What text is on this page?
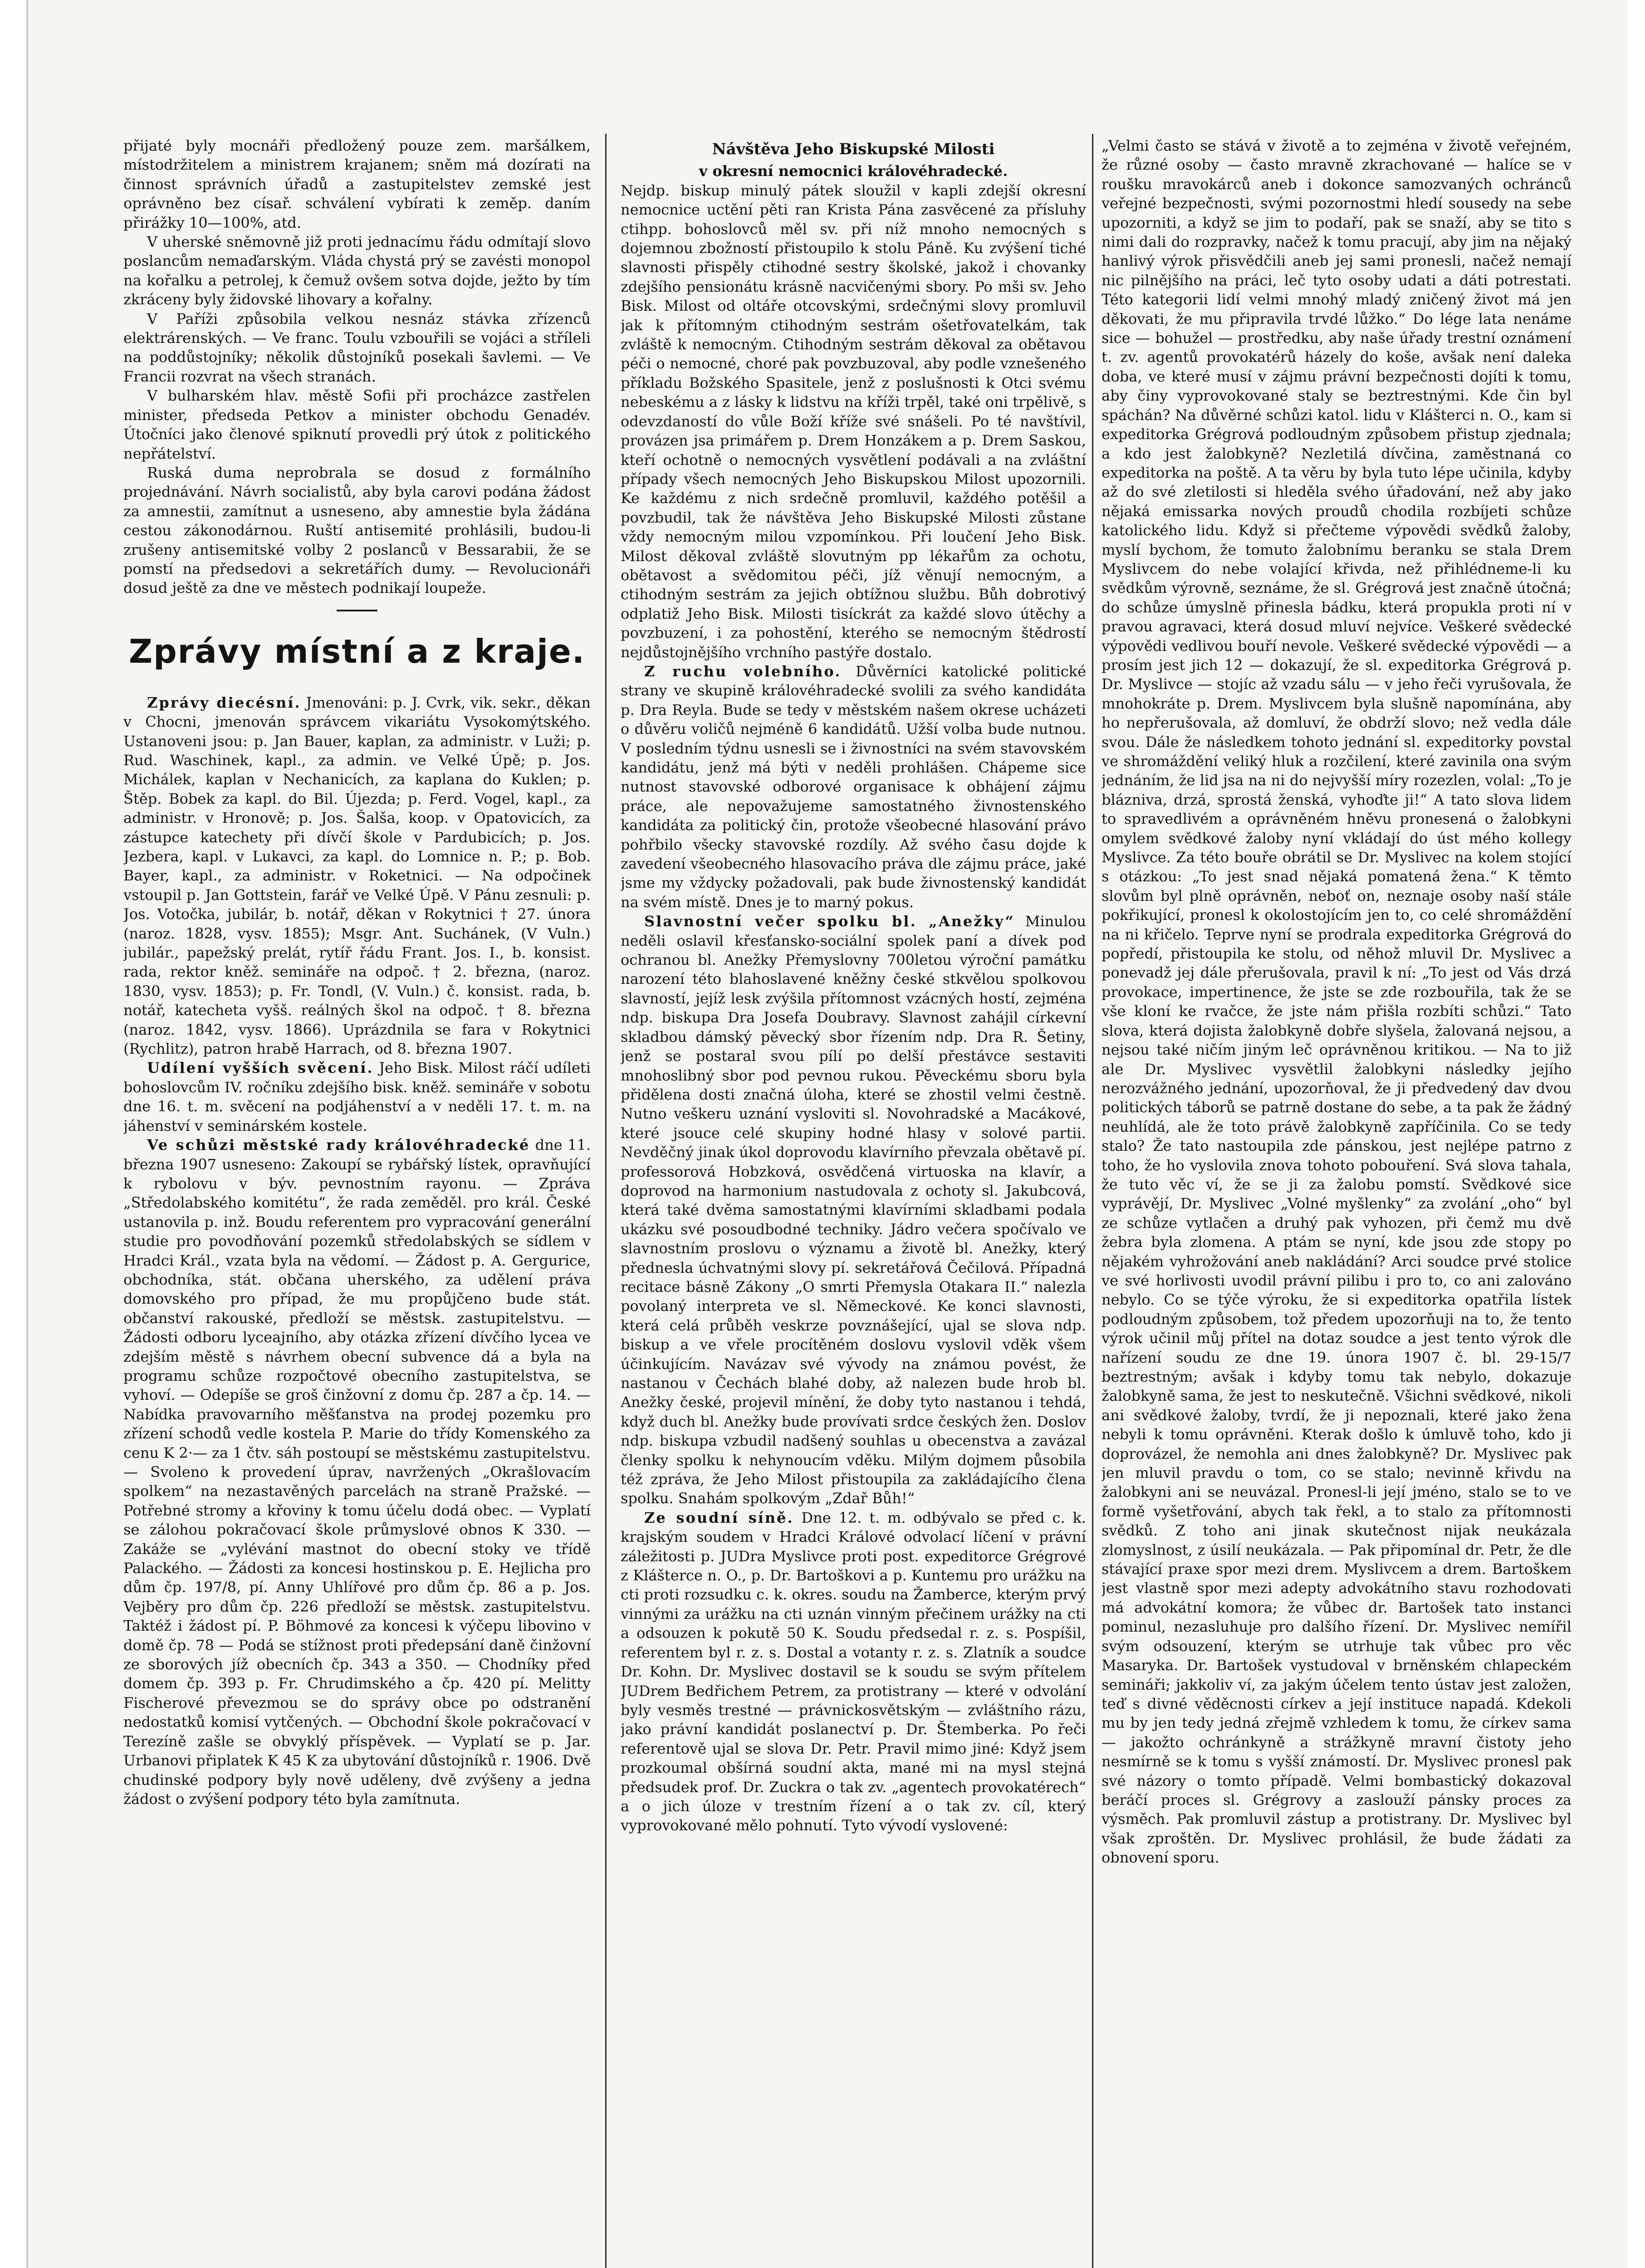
přijaté byly mocnáři předložený pouze zem. maršálkem, místodržitelem a ministrem krajanem; sněm má dozírati na činnost správních úřadů a zastupitelstev zemské jest oprávněno bez císař. schválení vybírati k zeměp. daním přirážky 10—100%, atd.

V uherské sněmovně již proti jednacímu řádu odmítají slovo poslancům nemaďarským. Vláda chystá prý se zavésti monopol na kořalku a petrolej, k čemuž ovšem sotva dojde, ježto by tím zkráceny byly židovské lihovary a kořalny.

V Paříži způsobila velkou nesnáz stávka zřízenců elektrárenských. — Ve franc. Toulu vzbouřili se vojáci a stříleli na poddůstojníky; několik důstojníků posekali šavlemi. — Ve Francii rozvrat na všech stranách.

V bulharském hlav. městě Sofii při procházce zastřelen minister, předseda Petkov a minister obchodu Genadév. Útočníci jako členové spiknutí provedli prý útok z politického nepřátelství.

Ruská duma neprobrala se dosud z formálního projednávání. Návrh socialistů, aby byla carovi podána žádost za amnestii, zamítnut a usneseno, aby amnestie byla žádána cestou zákonodárnou. Ruští antisemité prohlásili, budou-li zrušeny antisemitské volby 2 poslanců v Bessarabii, že se pomstí na předsedovi a sekretářích dumy. — Revolucionáři dosud ještě za dne ve městech podnikají loupeže.

Zprávy místní a z kraje.

Zprávy diecésní. Jmenováni: p. J. Cvrk, vik. sekr., děkan v Chocni, jmenován správcem vikariátu Vysokomýtského. Ustanoveni jsou: p. Jan Bauer, kaplan, za administr. v Luži; p. Rud. Waschinek, kapl., za admin. ve Velké Úpě; p. Jos. Michálek, kaplan v Nechanicích, za kaplana do Kuklen; p. Štěp. Bobek za kapl. do Bil. Újezda; p. Ferd. Vogel, kapl., za administr. v Hronově; p. Jos. Šalša, koop. v Opatovicích, za zástupce katechety při dívčí škole v Pardubicích; p. Jos. Jezbera, kapl. v Lukavci, za kapl. do Lomnice n. P.; p. Bob. Bayer, kapl., za administr. v Roketnici. — Na odpočinek vstoupil p. Jan Gottstein, farář ve Velké Úpě. V Pánu zesnuli: p. Jos. Votočka, jubilár, b. notář, děkan v Rokytnici † 27. února (naroz. 1828, vysv. 1855); Msgr. Ant. Suchánek, (V Vuln.) jubilár., papežský prelát, rytíř řádu Frant. Jos. I., b. konsist. rada, rektor kněž. semináře na odpoč. † 2. března, (naroz. 1830, vysv. 1853); p. Fr. Tondl, (V. Vuln.) č. konsist. rada, b. notář, katecheta vyšš. reálných škol na odpoč. † 8. března (naroz. 1842, vysv. 1866). Uprázdnila se fara v Rokytnici (Rychlitz), patron hrabě Harrach, od 8. března 1907.

Udílení vyšších svěcení. Jeho Bisk. Milost ráčí udíleti bohoslovcům IV. ročníku zdejšího bisk. kněž. semináře v sobotu dne 16. t. m. svěcení na podjáhenství a v neděli 17. t. m. na jáhenství v seminárském kostele.

Ve schůzi městské rady královéhradecké dne 11. března 1907 usneseno: Zakoupí se rybářský lístek, opravňující k rybolovu v býv. pevnostním rayonu. — Zpráva „Středolabského komitétu“, že rada zeměděl. pro král. České ustanovila p. inž. Boudu referentem pro vypracování generální studie pro povodňování pozemků středolabských se sídlem v Hradci Král., vzata byla na vědomí. — Žádost p. A. Gergurice, obchodníka, stát. občana uherského, za udělení práva domovského pro případ, že mu propůjčeno bude stát. občanství rakouské, předloží se městsk. zastupitelstvu. — Žádosti odboru lyceajního, aby otázka zřízení dívčího lycea ve zdejším městě s návrhem obecní subvence dá a byla na programu schůze rozpočtové obecního zastupitelstva, se vyhoví. — Odepíše se groš činžovní z domu čp. 287 a čp. 14. — Nabídka pravovarního měšťanstva na prodej pozemku pro zřízení schodů vedle kostela P. Marie do třídy Komenského za cenu K 2·— za 1 čtv. sáh postoupí se městskému zastupitelstvu. — Svoleno k provedení úprav, navržených „Okrašlovacím spolkem“ na nezastavěných parcelách na straně Pražské. — Potřebné stromy a křoviny k tomu účelu dodá obec. — Vyplatí se zálohou pokračovací škole průmyslové obnos K 330. — Zakáže se „vylévání mastnot do obecní stoky ve třídě Palackého. — Žádosti za koncesi hostinskou p. E. Hejlicha pro dům čp. 197/8, pí. Anny Uhlířové pro dům čp. 86 a p. Jos. Vejběry pro dům čp. 226 předloží se městsk. zastupitelstvu. Taktéž i žádost pí. P. Böhmové za koncesi k výčepu libovino v domě čp. 78 — Podá se stížnost proti předepsání daně činžovní ze sborových jíž obecních čp. 343 a 350. — Chodníky před domem čp. 393 p. Fr. Chrudimského a čp. 420 pí. Melitty Fischerové převezmou se do správy obce po odstranění nedostatků komisí vytčených. — Obchodní škole pokračovací v Terezíně zašle se obvyklý příspěvek. — Vyplatí se p. Jar. Urbanovi připlatek K 45 K za ubytování důstojníků r. 1906. Dvě chudinské podpory byly nově uděleny, dvě zvýšeny a jedna žádost o zvýšení podpory této byla zamítnuta.

Návštěva Jeho Biskupské Milosti
v okresní nemocnici královéhradecké.

Nejdp. biskup minulý pátek sloužil v kapli zdejší okresní nemocnice uctění pěti ran Krista Pána zasvěcené za přísluhy ctihpp. bohoslovců měl sv. při níž mnoho nemocných s dojemnou zbožností přistoupilo k stolu Páně. Ku zvýšení tiché slavnosti přispěly ctihodné sestry školské, jakož i chovanky zdejšího pensionátu krásně nacvičenými sbory. Po mši sv. Jeho Bisk. Milost od oltáře otcovskými, srdečnými slovy promluvil jak k přítomným ctihodným sestrám ošetřovatelkám, tak zvláště k nemocným. Ctihodným sestrám děkoval za obětavou péči o nemocné, choré pak povzbuzoval, aby podle vznešeného příkladu Božského Spasitele, jenž z poslušnosti k Otci svému nebeskému a z lásky k lidstvu na kříži trpěl, také oni trpělivě, s odevzdaností do vůle Boží kříže své snášeli. Po té navštívil, provázen jsa primářem p. Drem Honzákem a p. Drem Saskou, kteří ochotně o nemocných vysvětlení podávali a na zvláštní případy všech nemocných Jeho Biskupskou Milost upozornili. Ke každému z nich srdečně promluvil, každého potěšil a povzbudil, tak že návštěva Jeho Biskupské Milosti zůstane vždy nemocným milou vzpomínkou. Při loučení Jeho Bisk. Milost děkoval zvláště slovutným pp lékařům za ochotu, obětavost a svědomitou péči, jíž věnují nemocným, a ctihodným sestrám za jejich obtížnou službu. Bůh dobrotivý odplatiž Jeho Bisk. Milosti tisíckrát za každé slovo útěchy a povzbuzení, i za pohostění, kterého se nemocným štědrostí nejdůstojnějšího vrchního pastýře dostalo.

Z ruchu volebního. Důvěrníci katolické politické strany ve skupině královéhradecké svolili za svého kandidáta p. Dra Reyla. Bude se tedy v městském našem okrese ucházeti o důvěru voličů nejméně 6 kandidátů. Užší volba bude nutnou. V posledním týdnu usnesli se i živnostníci na svém stavovském kandidátu, jenž má býti v neděli prohlášen. Chápeme sice nutnost stavovské odborové organisace k obhájení zájmu práce, ale nepovažujeme samostatného živnostenského kandidáta za politický čin, protože všeobecné hlasování právo pohřbilo všecky stavovské rozdíly. Až svého času dojde k zavedení všeobecného hlasovacího práva dle zájmu práce, jaké jsme my vždycky požadovali, pak bude živnostenský kandidát na svém místě. Dnes je to marný pokus.

Slavnostní večer spolku bl. „Anežky“ Minulou neděli oslavil křesťansko-sociální spolek paní a dívek pod ochranou bl. Anežky Přemyslovny 700letou výroční památku narození této blahoslavené kněžny české stkvělou spolkovou slavností, jejíž lesk zvýšila přítomnost vzácných hostí, zejména ndp. biskupa Dra Josefa Doubravy. Slavnost zahájil církevní skladbou dámský pěvecký sbor řízením ndp. Dra R. Šetiny, jenž se postaral svou pílí po delší přestávce sestaviti mnohoslibný sbor pod pevnou rukou. Pěveckému sboru byla přidělena dosti značná úloha, které se zhostil velmi čestně. Nutno veškeru uznání vysloviti sl. Novohradské a Macákové, které jsouce celé skupiny hodné hlasy v solové partii. Nevděčný jinak úkol doprovodu klavírního převzala obětavě pí. professorová Hobzková, osvědčená virtuoska na klavír, a doprovod na harmonium nastudovala z ochoty sl. Jakubcová, která také dvěma samostatnými klavírními skladbami podala ukázku své posoudbodné techniky. Jádro večera spočívalo ve slavnostním proslovu o významu a životě bl. Anežky, který přednesla úchvatnými slovy pí. sekretářová Čečilová. Případná recitace básně Zákony „O smrti Přemysla Otakara II.“ nalezla povolaný interpreta ve sl. Německové. Ke konci slavnosti, která celá průběh veskrze povznášející, ujal se slova ndp. biskup a ve vřele procítěném doslovu vyslovil vděk všem účinkujícím. Navázav své vývody na známou povést, že nastanou v Čechách blahé doby, až nalezen bude hrob bl. Anežky české, projevil mínění, že doby tyto nastanou i tehdá, když duch bl. Anežky bude provívati srdce českých žen. Doslov ndp. biskupa vzbudil nadšený souhlas u obecenstva a zavázal členky spolku k nehynoucím vděku. Milým dojmem působila též zpráva, že Jeho Milost přistoupila za zakládajícího člena spolku. Snahám spolkovým „Zdař Bůh!“

Ze soudní síně. Dne 12. t. m. odbývalo se před c. k. krajským soudem v Hradci Králové odvolací líčení v právní záležitosti p. JUDra Myslivce proti post. expeditorce Grégrové z Klášterce n. O., p. Dr. Bartoškovi a p. Kuntemu pro urážku na cti proti rozsudku c. k. okres. soudu na Žamberce, kterým prvý vinnými za urážku na cti uznán vinným přečinem urážky na cti a odsouzen k pokutě 50 K. Soudu předsedal r. z. s. Pospíšil, referentem byl r. z. s. Dostal a votanty r. z. s. Zlatník a soudce Dr. Kohn. Dr. Myslivec dostavil se k soudu se svým přítelem JUDrem Bedřichem Petrem, za protistrany — které v odvolání byly vesměs trestné — právnickosvětským — zvláštního rázu, jako právní kandidát poslanectví p. Dr. Štemberka. Po řeči referentově ujal se slova Dr. Petr. Pravil mimo jiné: Když jsem prozkoumal obšírná soudní akta, mané mi na mysl stejná předsudek prof. Dr. Zuckra o tak zv. „agentech provokatérech“ a o jich úloze v trestním řízení a o tak zv. cíl, který vyprovokované mělo pohnutí. Tyto vývodí vyslovené:

„Velmi často se stává v životě a to zejména v životě veřejném, že různé osoby — často mravně zkrachované — halíce se v roušku mravokárců aneb i dokonce samozvaných ochránců veřejné bezpečnosti, svými pozornostmi hledí sousedy na sebe upozorniti, a když se jim to podaří, pak se snaží, aby se tito s nimi dali do rozpravky, načež k tomu pracují, aby jim na nějaký hanlivý výrok přisvědčili aneb jej sami pronesli, načež nemají nic pilnějšího na práci, leč tyto osoby udati a dáti potrestati. Této kategorii lidí velmi mnohý mladý zničený život má jen děkovati, že mu připravila trvdé lůžko.“ Do lége lata nenáme sice — bohužel — prostředku, aby naše úřady trestní oznámení t. zv. agentů provokatérů házely do koše, avšak není daleka doba, ve které musí v zájmu právní bezpečnosti dojíti k tomu, aby činy vyprovokované staly se beztrestnými. Kde čin byl spáchán? Na důvěrné schůzi katol. lidu v Klášterci n. O., kam si expeditorka Grégrová podloudným způsobem přistup zjednala; a kdo jest žalobkyně? Nezletilá dívčina, zaměstnaná co expeditorka na poště. A ta věru by byla tuto lépe učinila, kdyby až do své zletilosti si hleděla svého úřadování, než aby jako nějaká emissarka nových proudů chodila rozbíjeti schůze katolického lidu. Když si přečteme výpovědi svědků žaloby, myslí bychom, že tomuto žalobnímu beranku se stala Drem Myslivcem do nebe volající křivda, než přihlédneme-li ku svědkům výrovně, seznáme, že sl. Grégrová jest značně útočná; do schůze úmyslně přinesla bádku, která propukla proti ní v pravou agravaci, která dosud mluví nejvíce. Veškeré svědecké výpovědi vedlivou bouří nevole. Veškeré svědecké výpovědi — a prosím jest jich 12 — dokazují, že sl. expeditorka Grégrová p. Dr. Myslivce — stojíc až vzadu sálu — v jeho řeči vyrušovala, že mnohokráte p. Drem. Myslivcem byla slušně napomínána, aby ho nepřerušovala, až domluví, že obdrží slovo; než vedla dále svou. Dále že následkem tohoto jednání sl. expeditorky povstal ve shromáždění veliký hluk a rozčilení, které zavinila ona svým jednáním, že lid jsa na ni do nejvyšší míry rozezlen, volal: „To je blázniva, drzá, sprostá ženská, vyhoďte ji!“ A tato slova lidem to spravedlivém a oprávněném hněvu pronesená o žalobkyni omylem svědkové žaloby nyní vkládají do úst mého kollegy Myslivce. Za této bouře obrátil se Dr. Myslivec na kolem stojící s otázkou: „To jest snad nějaká pomatená žena.“ K těmto slovům byl plně oprávněn, neboť on, neznaje osoby naší stále pokřikující, pronesl k okolostojícím jen to, co celé shromáždění na ni křičelo. Teprve nyní se prodrala expeditorka Grégrová do popředí, přistoupila ke stolu, od něhož mluvil Dr. Myslivec a ponevadž jej dále přerušovala, pravil k ní: „To jest od Vás drzá provokace, impertinence, že jste se zde rozbouřila, tak že se vše kloní ke rvačce, že jste nám přišla rozbíti schůzi.“ Tato slova, která dojista žalobkyně dobře slyšela, žalovaná nejsou, a nejsou také ničím jiným leč oprávněnou kritikou. — Na to již ale Dr. Myslivec vysvětlil žalobkyni následky jejího nerozvážného jednání, upozorňoval, že ji předvedený dav dvou politických táborů se patrně dostane do sebe, a ta pak že žádný neuhlídá, ale že toto právě žalobkyně zapříčinila. Co se tedy stalo? Že tato nastoupila zde pánskou, jest nejlépe patrno z toho, že ho vyslovila znova tohoto pobouření. Svá slova tahala, že tuto věc ví, že se ji za žalobu pomstí. Svědkové sice vyprávějí, Dr. Myslivec „Volné myšlenky“ za zvolání „oho“ byl ze schůze vytlačen a druhý pak vyhozen, při čemž mu dvě žebra byla zlomena. A ptám se nyní, kde jsou zde stopy po nějakém vyhrožování aneb nakládání? Arci soudce prvé stolice ve své horlivosti uvodil právní pilibu i pro to, co ani zalováno nebylo. Co se týče výroku, že si expeditorka opatřila lístek podloudným způsobem, tož předem upozorňuji na to, že tento výrok učinil můj přítel na dotaz soudce a jest tento výrok dle nařízení soudu ze dne 19. února 1907 č. bl. 29-15/7 beztrestným; avšak i kdyby tomu tak nebylo, dokazuje žalobkyně sama, že jest to neskutečně. Všichni svědkové, nikoli ani svědkové žaloby, tvrdí, že ji nepoznali, které jako žena nebyli k tomu oprávněni. Kterak došlo k úmluvě toho, kdo ji doprovázel, že nemohla ani dnes žalobkyně? Dr. Myslivec pak jen mluvil pravdu o tom, co se stalo; nevinně křivdu na žalobkyni ani se neuvázal. Pronesl-li její jméno, stalo se to ve formě vyšetřování, abych tak řekl, a to stalo za přítomnosti svědků. Z toho ani jinak skutečnost nijak neukázala zlomyslnost, z úsilí neukázala. — Pak připomínal dr. Petr, že dle stávající praxe spor mezi drem. Myslivcem a drem. Bartoškem jest vlastně spor mezi adepty advokátního stavu rozhodovati má advokátní komora; že vůbec dr. Bartošek tato instanci pominul, nezasluhuje pro dalšího řízení. Dr. Myslivec nemířil svým odsouzení, kterým se utrhuje tak vůbec pro věc Masaryka. Dr. Bartošek vystudoval v brněnském chlapeckém semináři; jakkoliv ví, za jakým účelem tento ústav jest založen, teď s divné věděcnosti církev a její instituce napadá. Kdekoli mu by jen tedy jedná zřejmě vzhledem k tomu, že církev sama — jakožto ochránkyně a strážkyně mravní čistoty jeho nesmírně se k tomu s vyšší známostí. Dr. Myslivec pronesl pak své názory o tomto případě. Velmi bombastický dokazoval beráčí proces sl. Grégrovy a zaslouží pánsky proces za výsměch. Pak promluvil zástup a protistrany. Dr. Myslivec byl však zproštěn. Dr. Myslivec prohlásil, že bude žádati za obnovení sporu.
